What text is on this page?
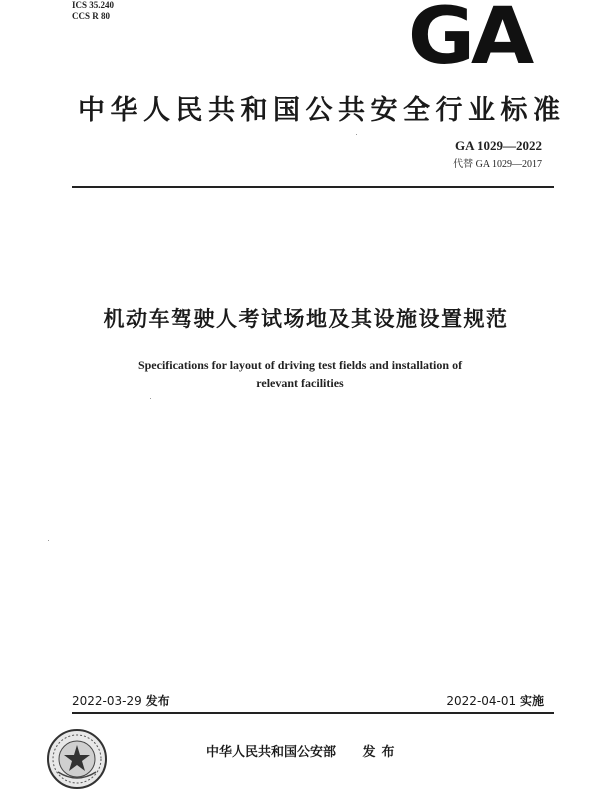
ICS 35.240
CCS R 80	GA
中华人民共和国公共安全行业标准
GA 1029—2022
代替 GA 1029—2017
机动车驾驶人考试场地及其设施设置规范
Specifications for layout of driving test fields and installation of
relevant facilities
2022-03-29 发布	2022-04-01 实施
中华人民共和国公安部 发布
